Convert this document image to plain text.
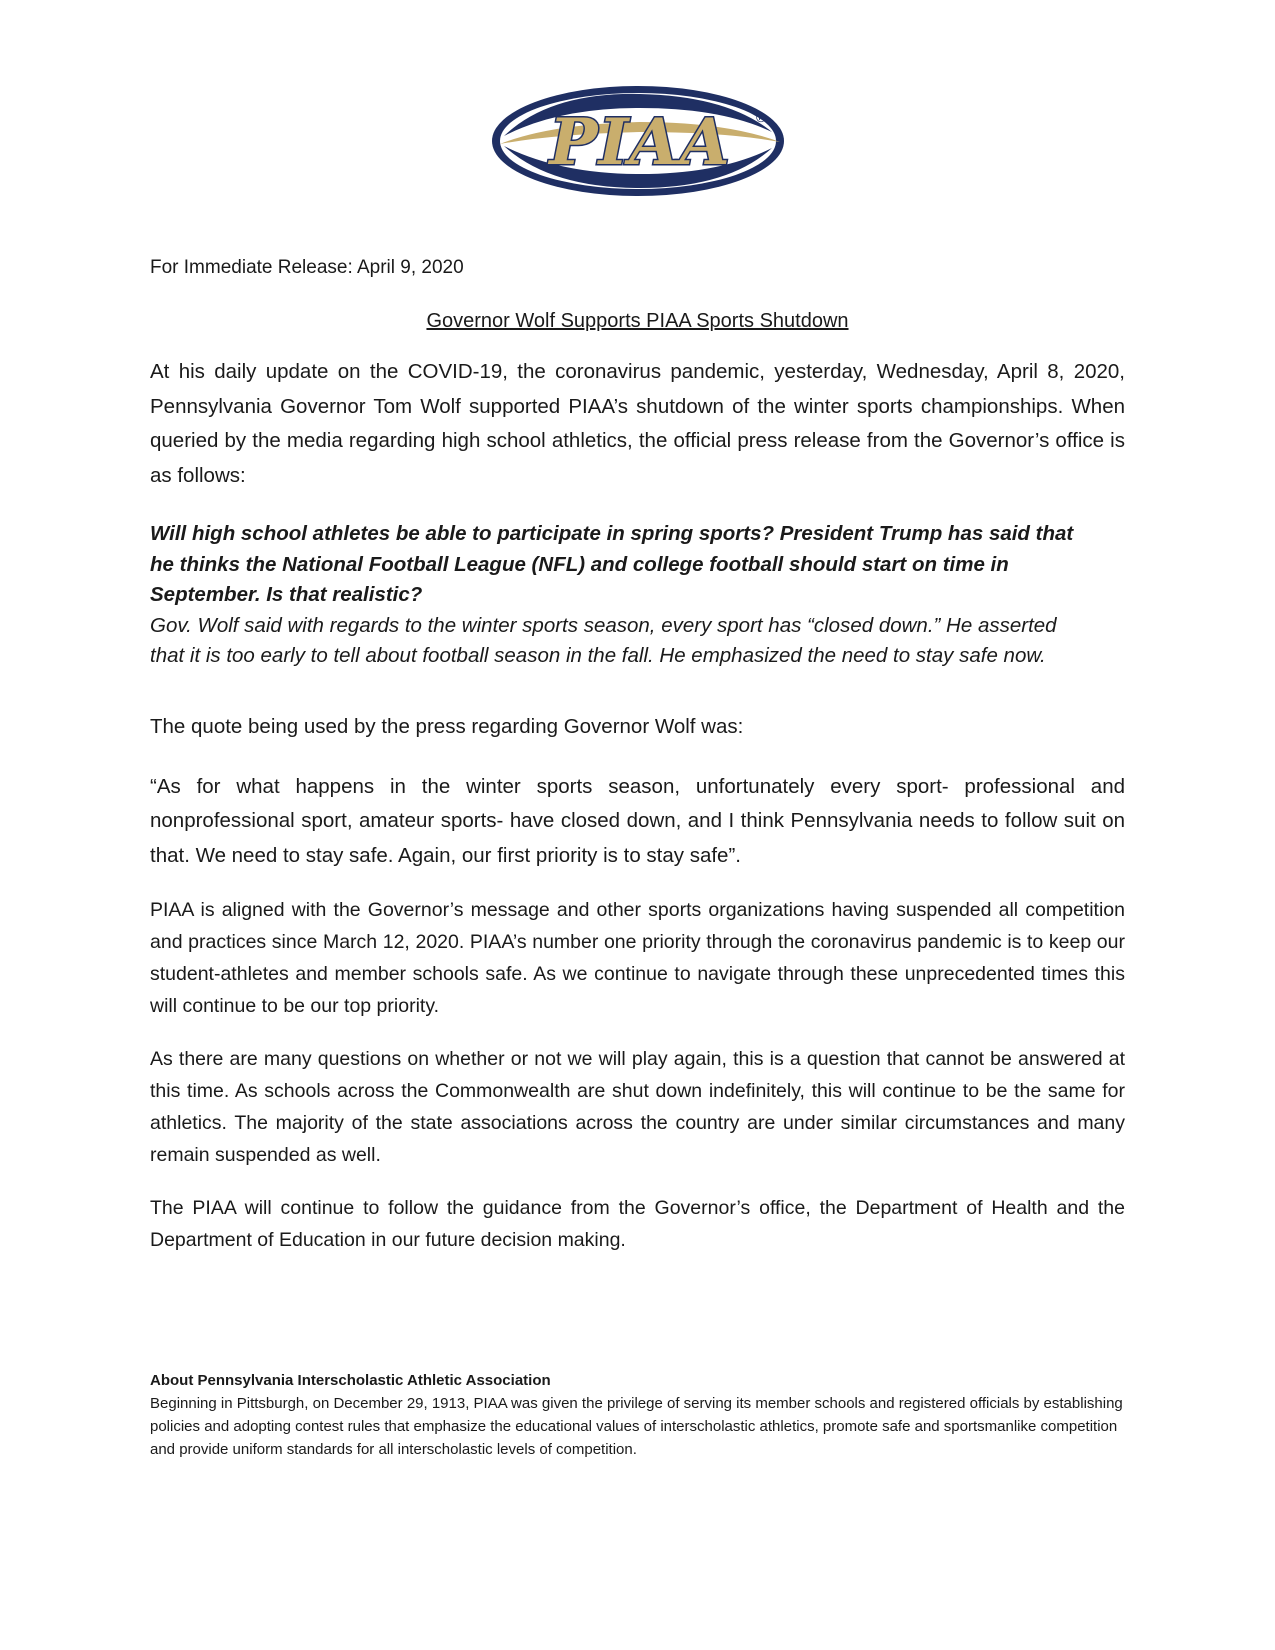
PIAA ®

For Immediate Release: April 9, 2020

Governor Wolf Supports PIAA Sports Shutdown

At his daily update on the COVID-19, the coronavirus pandemic, yesterday, Wednesday, April 8, 2020, Pennsylvania Governor Tom Wolf supported PIAA’s shutdown of the winter sports championships. When queried by the media regarding high school athletics, the official press release from the Governor’s office is as follows:

Will high school athletes be able to participate in spring sports? President Trump has said that he thinks the National Football League (NFL) and college football should start on time in September. Is that realistic?

Gov. Wolf said with regards to the winter sports season, every sport has “closed down.” He asserted that it is too early to tell about football season in the fall. He emphasized the need to stay safe now.

The quote being used by the press regarding Governor Wolf was:

“As for what happens in the winter sports season, unfortunately every sport- professional and nonprofessional sport, amateur sports- have closed down, and I think Pennsylvania needs to follow suit on that. We need to stay safe. Again, our first priority is to stay safe”.

PIAA is aligned with the Governor’s message and other sports organizations having suspended all competition and practices since March 12, 2020. PIAA’s number one priority through the coronavirus pandemic is to keep our student-athletes and member schools safe. As we continue to navigate through these unprecedented times this will continue to be our top priority.

As there are many questions on whether or not we will play again, this is a question that cannot be answered at this time. As schools across the Commonwealth are shut down indefinitely, this will continue to be the same for athletics. The majority of the state associations across the country are under similar circumstances and many remain suspended as well.

The PIAA will continue to follow the guidance from the Governor’s office, the Department of Health and the Department of Education in our future decision making.

About Pennsylvania Interscholastic Athletic Association

Beginning in Pittsburgh, on December 29, 1913, PIAA was given the privilege of serving its member schools and registered officials by establishing policies and adopting contest rules that emphasize the educational values of interscholastic athletics, promote safe and sportsmanlike competition and provide uniform standards for all interscholastic levels of competition.
